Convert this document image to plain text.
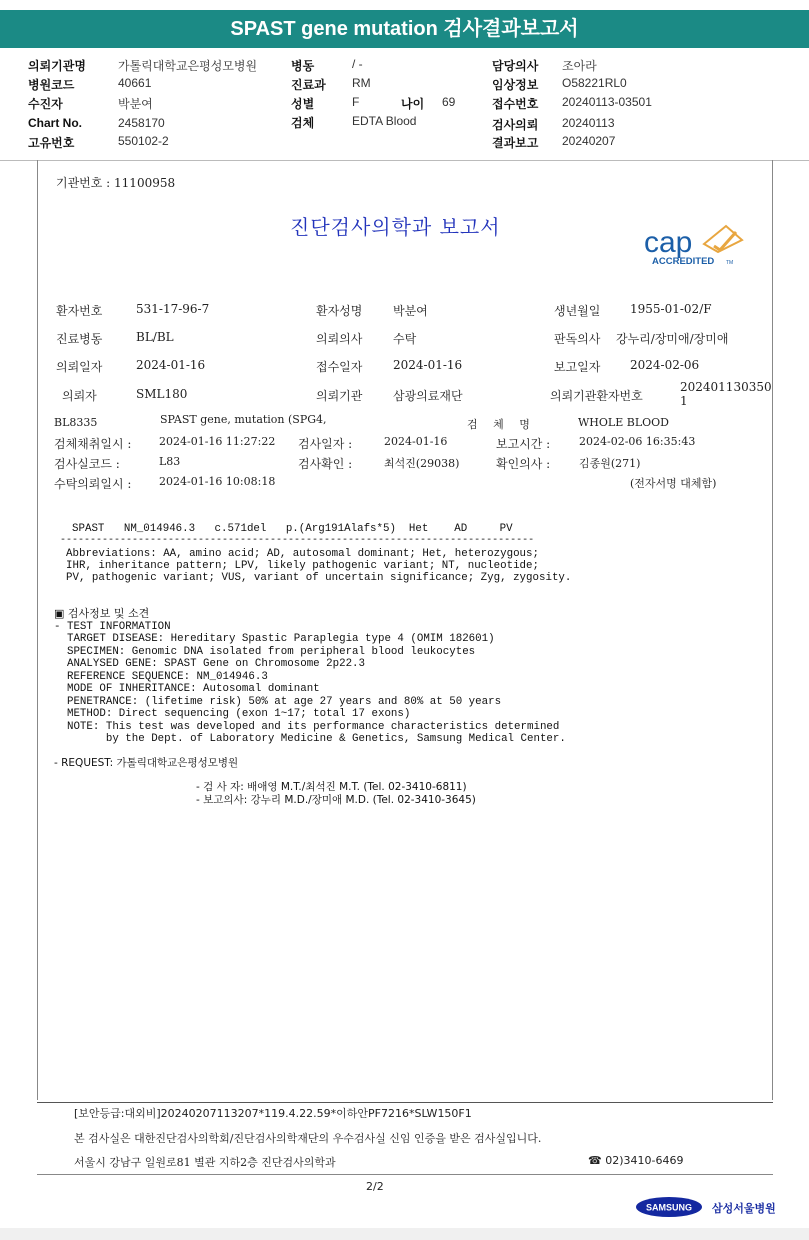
SPAST gene mutation 검사결과보고서
의뢰기관명	가톨릭대학교은평성모병원
병원코드	40661
수진자	박분여
Chart No.	2458170
고유번호	550102-2
병동	/ -
진료과 RM
성별	F	나이 69
검체	EDTA Blood
담당의사 조아라
임상정보 O58221RL0
접수번호 20240113-03501
검사의뢰 20240113
결과보고 20240207
기관번호 : 11100958
진단검사의학과 보고서	cap
ACCREDITED TM
환자번호	531-17-96-7	환자성명	박분여	생년월일 1955-01-02/F
진료병동	BL/BL	의뢰의사	수탁	판독의사 강누리/장미애/장미애
의뢰일자	2024-01-16	접수일자	2024-01-16	보고일자 2024-02-06
의뢰자	SML180	의뢰기관	삼광의료재단	의뢰기관환자번호
202401130350
1
BL8335	SPAST gene, mutation (SPG4,	검 체 명	WHOLE BLOOD
검체채취일시 :	2024-01-16 11:27:22 검사일자 :	2024-01-16	보고시간 :	2024-02-06 16:35:43
검사실코드 :	L83	검사확인 :	최석진(29038)	확인의사 :	김종원(271)
수탁의뢰일시 :	2024-01-16 10:08:18	(전자서명 대체함)
SPAST   NM_014946.3   c.571del   p.(Arg191Alafs*5)  Het    AD     PV
-------------------------------------------------------------------------------
Abbreviations: AA, amino acid; AD, autosomal dominant; Het, heterozygous;
IHR, inheritance pattern; LPV, likely pathogenic variant; NT, nucleotide;
PV, pathogenic variant; VUS, variant of uncertain significance; Zyg, zygosity.
▣ 검사정보 및 소견
- TEST INFORMATION
TARGET DISEASE: Hereditary Spastic Paraplegia type 4 (OMIM 182601)
SPECIMEN: Genomic DNA isolated from peripheral blood leukocytes
ANALYSED GENE: SPAST Gene on Chromosome 2p22.3
REFERENCE SEQUENCE: NM_014946.3
MODE OF INHERITANCE: Autosomal dominant
PENETRANCE: (lifetime risk) 50% at age 27 years and 80% at 50 years
METHOD: Direct sequencing (exon 1~17; total 17 exons)
NOTE: This test was developed and its performance characteristics determined
by the Dept. of Laboratory Medicine & Genetics, Samsung Medical Center.
- REQUEST: 가톨릭대학교은평성모병원
- 검 사 자: 배애영 M.T./최석진 M.T. (Tel. 02-3410-6811)
- 보고의사: 강누리 M.D./장미애 M.D. (Tel. 02-3410-3645)
[보안등급:대외비]20240207113207*119.4.22.59*이하안PF7216*SLW150F1
본 검사실은 대한진단검사의학회/진단검사의학재단의 우수검사실 신임 인증을 받은 검사실입니다.
서울시 강남구 일원로81 별관 지하2층 진단검사의학과	☎ 02)3410-6469
2/2
SAMSUNG 삼성서울병원
